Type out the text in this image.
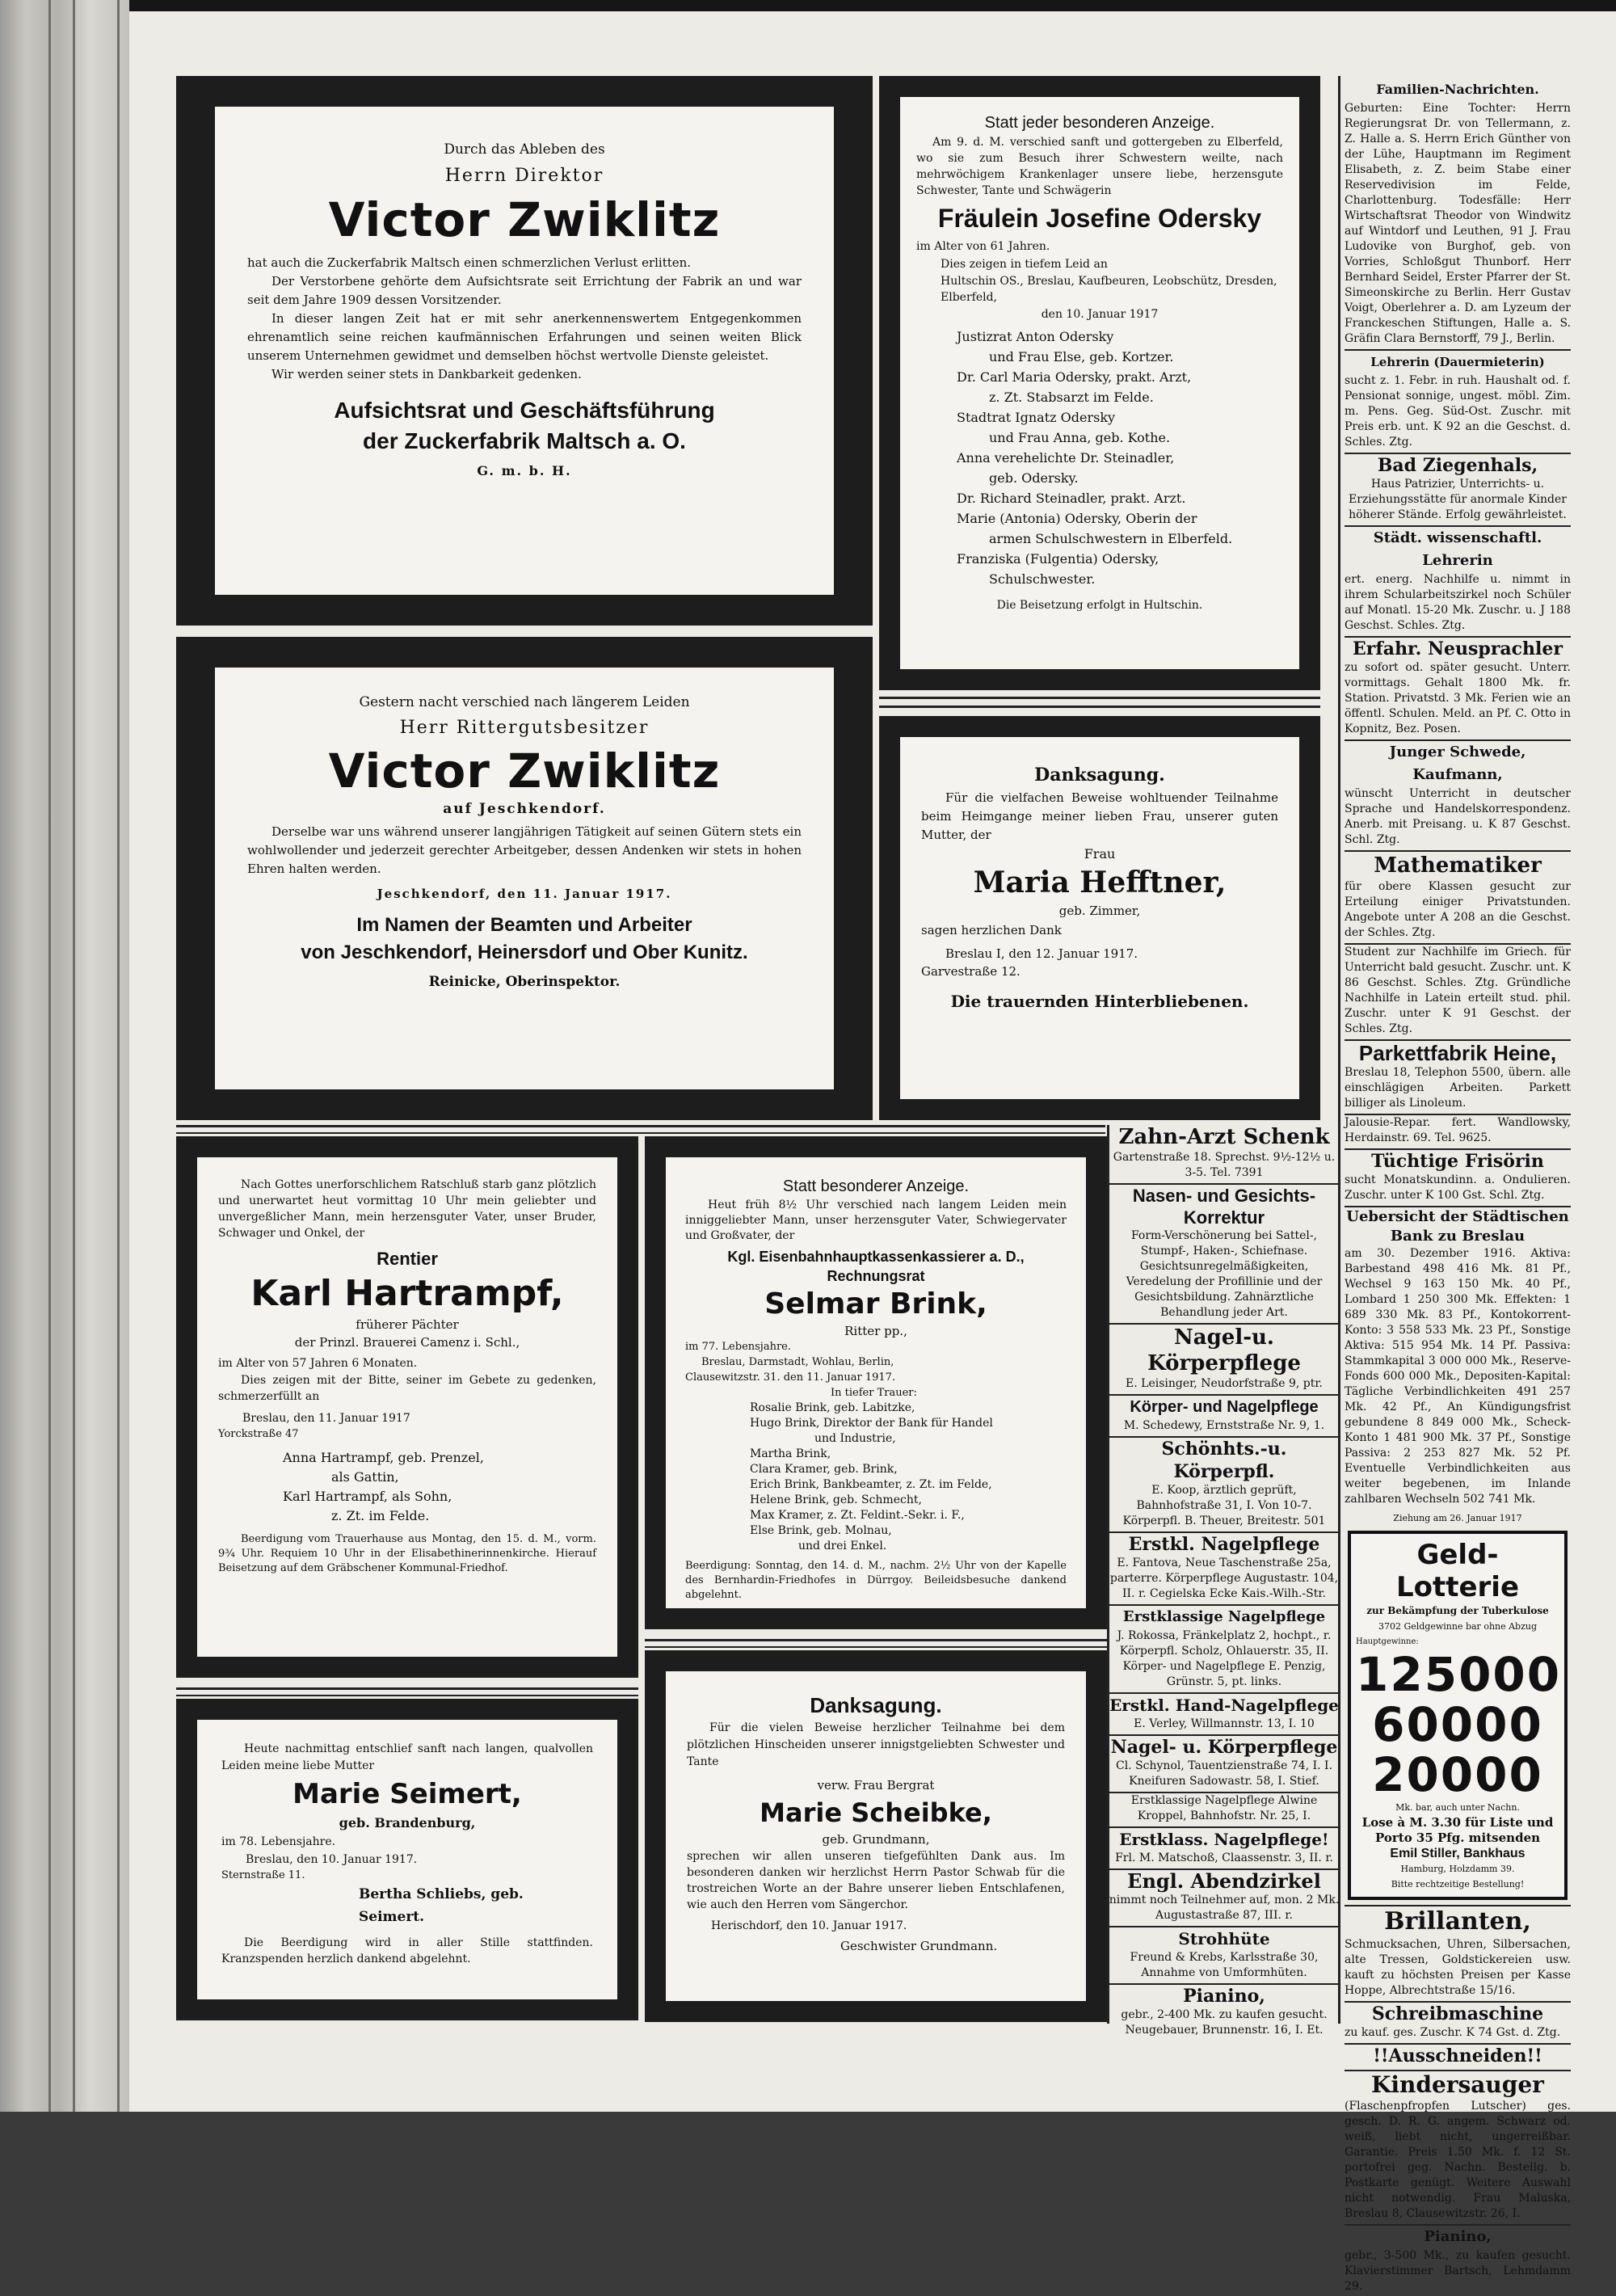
Durch das Ableben des
Herrn Direktor
Victor Zwiklitz
hat auch die Zuckerfabrik Maltsch einen schmerzlichen Verlust erlitten.
Der Verstorbene gehörte dem Aufsichtsrate seit Errichtung der Fabrik an und war seit dem Jahre 1909 dessen Vorsitzender.
In dieser langen Zeit hat er mit sehr anerkennenswertem Entgegenkommen ehrenamtlich seine reichen kaufmännischen Erfahrungen und seinen weiten Blick unserem Unternehmen gewidmet und demselben höchst wertvolle Dienste geleistet.
Wir werden seiner stets in Dankbarkeit gedenken.
Aufsichtsrat und Geschäftsführung
der Zuckerfabrik Maltsch a. O.
G. m. b. H.
Gestern nacht verschied nach längerem Leiden
Herr Rittergutsbesitzer
Victor Zwiklitz
auf Jeschkendorf.
Derselbe war uns während unserer langjährigen Tätigkeit auf seinen Gütern stets ein wohlwollender und jederzeit gerechter Arbeitgeber, dessen Andenken wir stets in hohen Ehren halten werden.
Jeschkendorf, den 11. Januar 1917.
Im Namen der Beamten und Arbeiter
von Jeschkendorf, Heinersdorf und Ober Kunitz.
Reinicke, Oberinspektor.
Statt jeder besonderen Anzeige.
Am 9. d. M. verschied sanft und gottergeben zu Elberfeld, wo sie zum Besuch ihrer Schwestern weilte, nach mehrwöchigem Krankenlager unsere liebe, herzensgute Schwester, Tante und Schwägerin
Fräulein Josefine Odersky
im Alter von 61 Jahren.
Dies zeigen in tiefem Leid an
Hultschin OS., Breslau, Kaufbeuren, Leobschütz, Dresden, Elberfeld,
den 10. Januar 1917
Justizrat Anton Odersky
und Frau Else, geb. Kortzer.
Dr. Carl Maria Odersky, prakt. Arzt,
z. Zt. Stabsarzt im Felde.
Stadtrat Ignatz Odersky
und Frau Anna, geb. Kothe.
Anna verehelichte Dr. Steinadler,
geb. Odersky.
Dr. Richard Steinadler, prakt. Arzt.
Marie (Antonia) Odersky, Oberin der
armen Schulschwestern in Elberfeld.
Franziska (Fulgentia) Odersky,
Schulschwester.
Die Beisetzung erfolgt in Hultschin.
Danksagung.
Für die vielfachen Beweise wohltuender Teilnahme beim Heimgange meiner lieben Frau, unserer guten Mutter, der
Frau
Maria Hefftner,
geb. Zimmer,
sagen herzlichen Dank
Breslau I, den 12. Januar 1917.
Garvestraße 12.
Die trauernden Hinterbliebenen.
Nach Gottes unerforschlichem Ratschluß starb ganz plötzlich und unerwartet heut vormittag 10 Uhr mein geliebter und unvergeßlicher Mann, mein herzensguter Vater, unser Bruder, Schwager und Onkel, der
Rentier
Karl Hartrampf,
früherer Pächter
der Prinzl. Brauerei Camenz i. Schl.,
im Alter von 57 Jahren 6 Monaten.
Dies zeigen mit der Bitte, seiner im Gebete zu gedenken, schmerzerfüllt an
Breslau, den 11. Januar 1917
Yorckstraße 47
Anna Hartrampf, geb. Prenzel,
als Gattin,
Karl Hartrampf, als Sohn,
z. Zt. im Felde.
Beerdigung vom Trauerhause aus Montag, den 15. d. M., vorm. 9¾ Uhr. Requiem 10 Uhr in der Elisabethinerinnenkirche. Hierauf Beisetzung auf dem Gräbschener Kommunal-Friedhof.
Statt besonderer Anzeige.
Heut früh 8½ Uhr verschied nach langem Leiden mein inniggeliebter Mann, unser herzensguter Vater, Schwiegervater und Großvater, der
Kgl. Eisenbahnhauptkassenkassierer a. D.,
Rechnungsrat
Selmar Brink,
Ritter pp.,
im 77. Lebensjahre.
Breslau, Darmstadt, Wohlau, Berlin,
Clausewitzstr. 31. den 11. Januar 1917.
In tiefer Trauer:
Rosalie Brink, geb. Labitzke,
Hugo Brink, Direktor der Bank für Handel
und Industrie,
Martha Brink,
Clara Kramer, geb. Brink,
Erich Brink, Bankbeamter, z. Zt. im Felde,
Helene Brink, geb. Schmecht,
Max Kramer, z. Zt. Feldint.-Sekr. i. F.,
Else Brink, geb. Molnau,
und drei Enkel.
Beerdigung: Sonntag, den 14. d. M., nachm. 2½ Uhr von der Kapelle des Bernhardin-Friedhofes in Dürrgoy. Beileidsbesuche dankend abgelehnt.
Heute nachmittag entschlief sanft nach langen, qualvollen Leiden meine liebe Mutter
Marie Seimert,
geb. Brandenburg,
im 78. Lebensjahre.
Breslau, den 10. Januar 1917.
Sternstraße 11.
Bertha Schliebs, geb. Seimert.
Die Beerdigung wird in aller Stille stattfinden. Kranzspenden herzlich dankend abgelehnt.
Danksagung.
Für die vielen Beweise herzlicher Teilnahme bei dem plötzlichen Hinscheiden unserer innigstgeliebten Schwester und Tante
verw. Frau Bergrat
Marie Scheibke,
geb. Grundmann,
sprechen wir allen unseren tiefgefühlten Dank aus. Im besonderen danken wir herzlichst Herrn Pastor Schwab für die trostreichen Worte an der Bahre unserer lieben Entschlafenen, wie auch den Herren vom Sängerchor.
Herischdorf, den 10. Januar 1917.
Geschwister Grundmann.
Familien-Nachrichten.

Geburten: Eine Tochter: Herrn Regierungsrat Dr. von Tellermann, z. Z. Halle a. S. Herrn Erich Günther von der Lühe, Hauptmann im Regiment Elisabeth, z. Z. beim Stabe einer Reservedivision im Felde, Charlottenburg. Todesfälle: Herr Wirtschaftsrat Theodor von Windwitz auf Wintdorf und Leuthen, 91 J. Frau Ludovike von Burghof, geb. von Vorries, Schloßgut Thunborf. Herr Bernhard Seidel, Erster Pfarrer der St. Simeonskirche zu Berlin. Herr Gustav Voigt, Oberlehrer a. D. am Lyzeum der Franckeschen Stiftungen, Halle a. S. Gräfin Clara Bernstorff, 79 J., Berlin.

Lehrerin (Dauermieterin)

sucht z. 1. Febr. in ruh. Haushalt od. f. Pensionat sonnige, ungest. möbl. Zim. m. Pens. Geg. Süd-Ost. Zuschr. mit Preis erb. unt. K 92 an die Geschst. d. Schles. Ztg.

Bad Ziegenhals,

Haus Patrizier, Unterrichts- u. Erziehungsstätte für anormale Kinder höherer Stände. Erfolg gewährleistet.

Städt. wissenschaftl. Lehrerin

ert. energ. Nachhilfe u. nimmt in ihrem Schularbeitszirkel noch Schüler auf Monatl. 15-20 Mk. Zuschr. u. J 188 Geschst. Schles. Ztg.

Erfahr. Neusprachler

zu sofort od. später gesucht. Unterr. vormittags. Gehalt 1800 Mk. fr. Station. Privatstd. 3 Mk. Ferien wie an öffentl. Schulen. Meld. an Pf. C. Otto in Kopnitz, Bez. Posen.

Junger Schwede, Kaufmann,

wünscht Unterricht in deutscher Sprache und Handelskorrespondenz. Anerb. mit Preisang. u. K 87 Geschst. Schl. Ztg.

Mathematiker

für obere Klassen gesucht zur Erteilung einiger Privatstunden. Angebote unter A 208 an die Geschst. der Schles. Ztg.

Student zur Nachhilfe im Griech. für Unterricht bald gesucht. Zuschr. unt. K 86 Geschst. Schles. Ztg. Gründliche Nachhilfe in Latein erteilt stud. phil. Zuschr. unter K 91 Geschst. der Schles. Ztg.

Parkettfabrik Heine,

Breslau 18, Telephon 5500, übern. alle einschlägigen Arbeiten. Parkett billiger als Linoleum.

Jalousie-Repar. fert. Wandlowsky, Herdainstr. 69. Tel. 9625.

Tüchtige Frisörin

sucht Monatskundinn. a. Ondulieren. Zuschr. unter K 100 Gst. Schl. Ztg.

Uebersicht der Städtischen Bank zu Breslau

am 30. Dezember 1916. Aktiva: Barbestand 498 416 Mk. 81 Pf., Wechsel 9 163 150 Mk. 40 Pf., Lombard 1 250 300 Mk. Effekten: 1 689 330 Mk. 83 Pf., Kontokorrent-Konto: 3 558 533 Mk. 23 Pf., Sonstige Aktiva: 515 954 Mk. 14 Pf. Passiva: Stammkapital 3 000 000 Mk., Reserve-Fonds 600 000 Mk., Depositen-Kapital: Tägliche Verbindlichkeiten 491 257 Mk. 42 Pf., An Kündigungsfrist gebundene 8 849 000 Mk., Scheck-Konto 1 481 900 Mk. 37 Pf., Sonstige Passiva: 2 253 827 Mk. 52 Pf. Eventuelle Verbindlichkeiten aus weiter begebenen, im Inlande zahlbaren Wechseln 502 741 Mk.

Ziehung am 26. Januar 1917
Geld-Lotterie
zur Bekämpfung der Tuberkulose
3702 Geldgewinne bar ohne Abzug
Hauptgewinne:
125000
60000
20000
Mk. bar, auch unter Nachn.
Lose à M. 3.30 für Liste und Porto 35 Pfg. mitsenden
Emil Stiller, Bankhaus
Hamburg, Holzdamm 39.
Bitte rechtzeitige Bestellung!
Brillanten,

Schmucksachen, Uhren, Silbersachen, alte Tressen, Goldstickereien usw. kauft zu höchsten Preisen per Kasse Hoppe, Albrechtstraße 15/16.

Schreibmaschine

zu kauf. ges. Zuschr. K 74 Gst. d. Ztg.

!!Ausschneiden!!
Kindersauger

(Flaschenpfropfen Lutscher) ges. gesch. D. R. G. angem. Schwarz od. weiß, liebt nicht, ungerreißbar. Garantie. Preis 1.50 Mk. f. 12 St. portofrei geg. Nachn. Bestellg. b. Postkarte genügt. Weitere Auswahl nicht notwendig. Frau Maluska, Breslau 8, Clausewitzstr. 26, I.

Pianino,

gebr., 3-500 Mk., zu kaufen gesucht. Klavierstimmer Bartsch, Lehmdamm 29.

Zahn-Arzt Schenk

Gartenstraße 18. Sprechst. 9½-12½ u. 3-5. Tel. 7391

Nasen- und Gesichts-Korrektur

Form-Verschönerung bei Sattel-, Stumpf-, Haken-, Schiefnase. Gesichtsunregelmäßigkeiten, Veredelung der Profillinie und der Gesichtsbildung. Zahnärztliche Behandlung jeder Art.

Nagel-u. Körperpflege

E. Leisinger, Neudorfstraße 9, ptr.

Körper- und Nagelpflege

M. Schedewy, Ernststraße Nr. 9, 1.

Schönhts.-u. Körperpfl.

E. Koop, ärztlich geprüft, Bahnhofstraße 31, I. Von 10-7. Körperpfl. B. Theuer, Breitestr. 501

Erstkl. Nagelpflege

E. Fantova, Neue Taschenstraße 25a, parterre. Körperpflege Augustastr. 104, II. r. Cegielska Ecke Kais.-Wilh.-Str.

Erstklassige Nagelpflege

J. Rokossa, Fränkelplatz 2, hochpt., r. Körperpfl. Scholz, Ohlauerstr. 35, II. Körper- und Nagelpflege E. Penzig, Grünstr. 5, pt. links.

Erstkl. Hand-Nagelpflege

E. Verley, Willmannstr. 13, I. 10

Nagel- u. Körperpflege

Cl. Schynol, Tauentzienstraße 74, I. I. Kneifuren Sadowastr. 58, I. Stief.

Erstklassige Nagelpflege Alwine Kroppel, Bahnhofstr. Nr. 25, I.

Erstklass. Nagelpflege!

Frl. M. Matschoß, Claassenstr. 3, II. r.

Engl. Abendzirkel

nimmt noch Teilnehmer auf, mon. 2 Mk. Augustastraße 87, III. r.

Strohhüte

Freund & Krebs, Karlsstraße 30, Annahme von Umformhüten.

Pianino,

gebr., 2-400 Mk. zu kaufen gesucht. Neugebauer, Brunnenstr. 16, I. Et.
